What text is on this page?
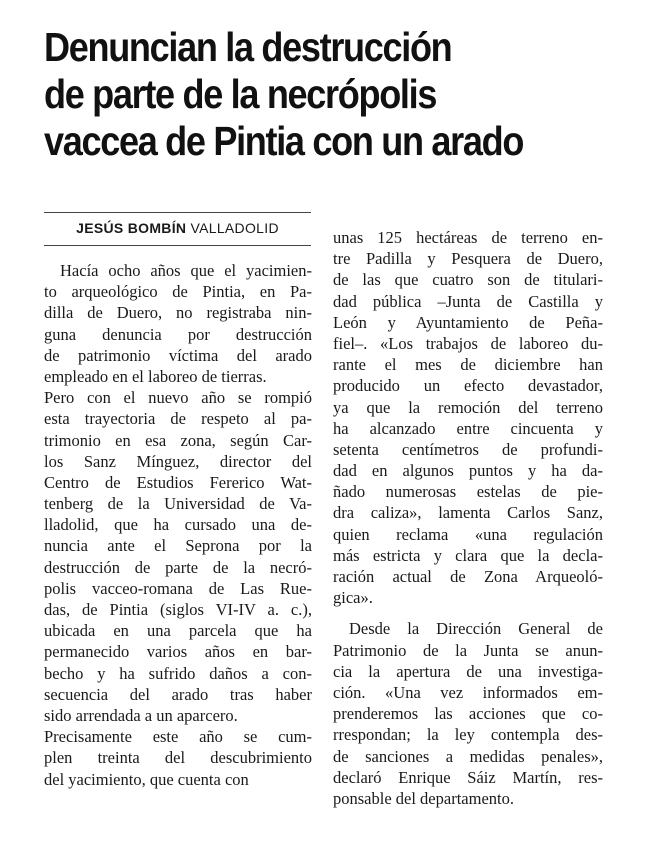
Denuncian la destrucción
de parte de la necrópolis
vaccea de Pintia con un arado
JESÚS BOMBÍN VALLADOLID
Hacía ocho años que el yacimien-
to arqueológico de Pintia, en Pa-
dilla de Duero, no registraba nin-
guna denuncia por destrucción
de patrimonio víctima del arado
empleado en el laboreo de tierras.
Pero con el nuevo año se rompió
esta trayectoria de respeto al pa-
trimonio en esa zona, según Car-
los Sanz Mínguez, director del
Centro de Estudios Fererico Wat-
tenberg de la Universidad de Va-
lladolid, que ha cursado una de-
nuncia ante el Seprona por la
destrucción de parte de la necró-
polis vacceo-romana de Las Rue-
das, de Pintia (siglos VI-IV a. c.),
ubicada en una parcela que ha
permanecido varios años en bar-
becho y ha sufrido daños a con-
secuencia del arado tras haber
sido arrendada a un aparcero.
Precisamente este año se cum-
plen treinta del descubrimiento
del yacimiento, que cuenta con
unas 125 hectáreas de terreno en-
tre Padilla y Pesquera de Duero,
de las que cuatro son de titulari-
dad pública –Junta de Castilla y
León y Ayuntamiento de Peña-
fiel–. «Los trabajos de laboreo du-
rante el mes de diciembre han
producido un efecto devastador,
ya que la remoción del terreno
ha alcanzado entre cincuenta y
setenta centímetros de profundi-
dad en algunos puntos y ha da-
ñado numerosas estelas de pie-
dra caliza», lamenta Carlos Sanz,
quien reclama «una regulación
más estricta y clara que la decla-
ración actual de Zona Arqueoló-
gica».
Desde la Dirección General de
Patrimonio de la Junta se anun-
cia la apertura de una investiga-
ción. «Una vez informados em-
prenderemos las acciones que co-
rrespondan; la ley contempla des-
de sanciones a medidas penales»,
declaró Enrique Sáiz Martín, res-
ponsable del departamento.
